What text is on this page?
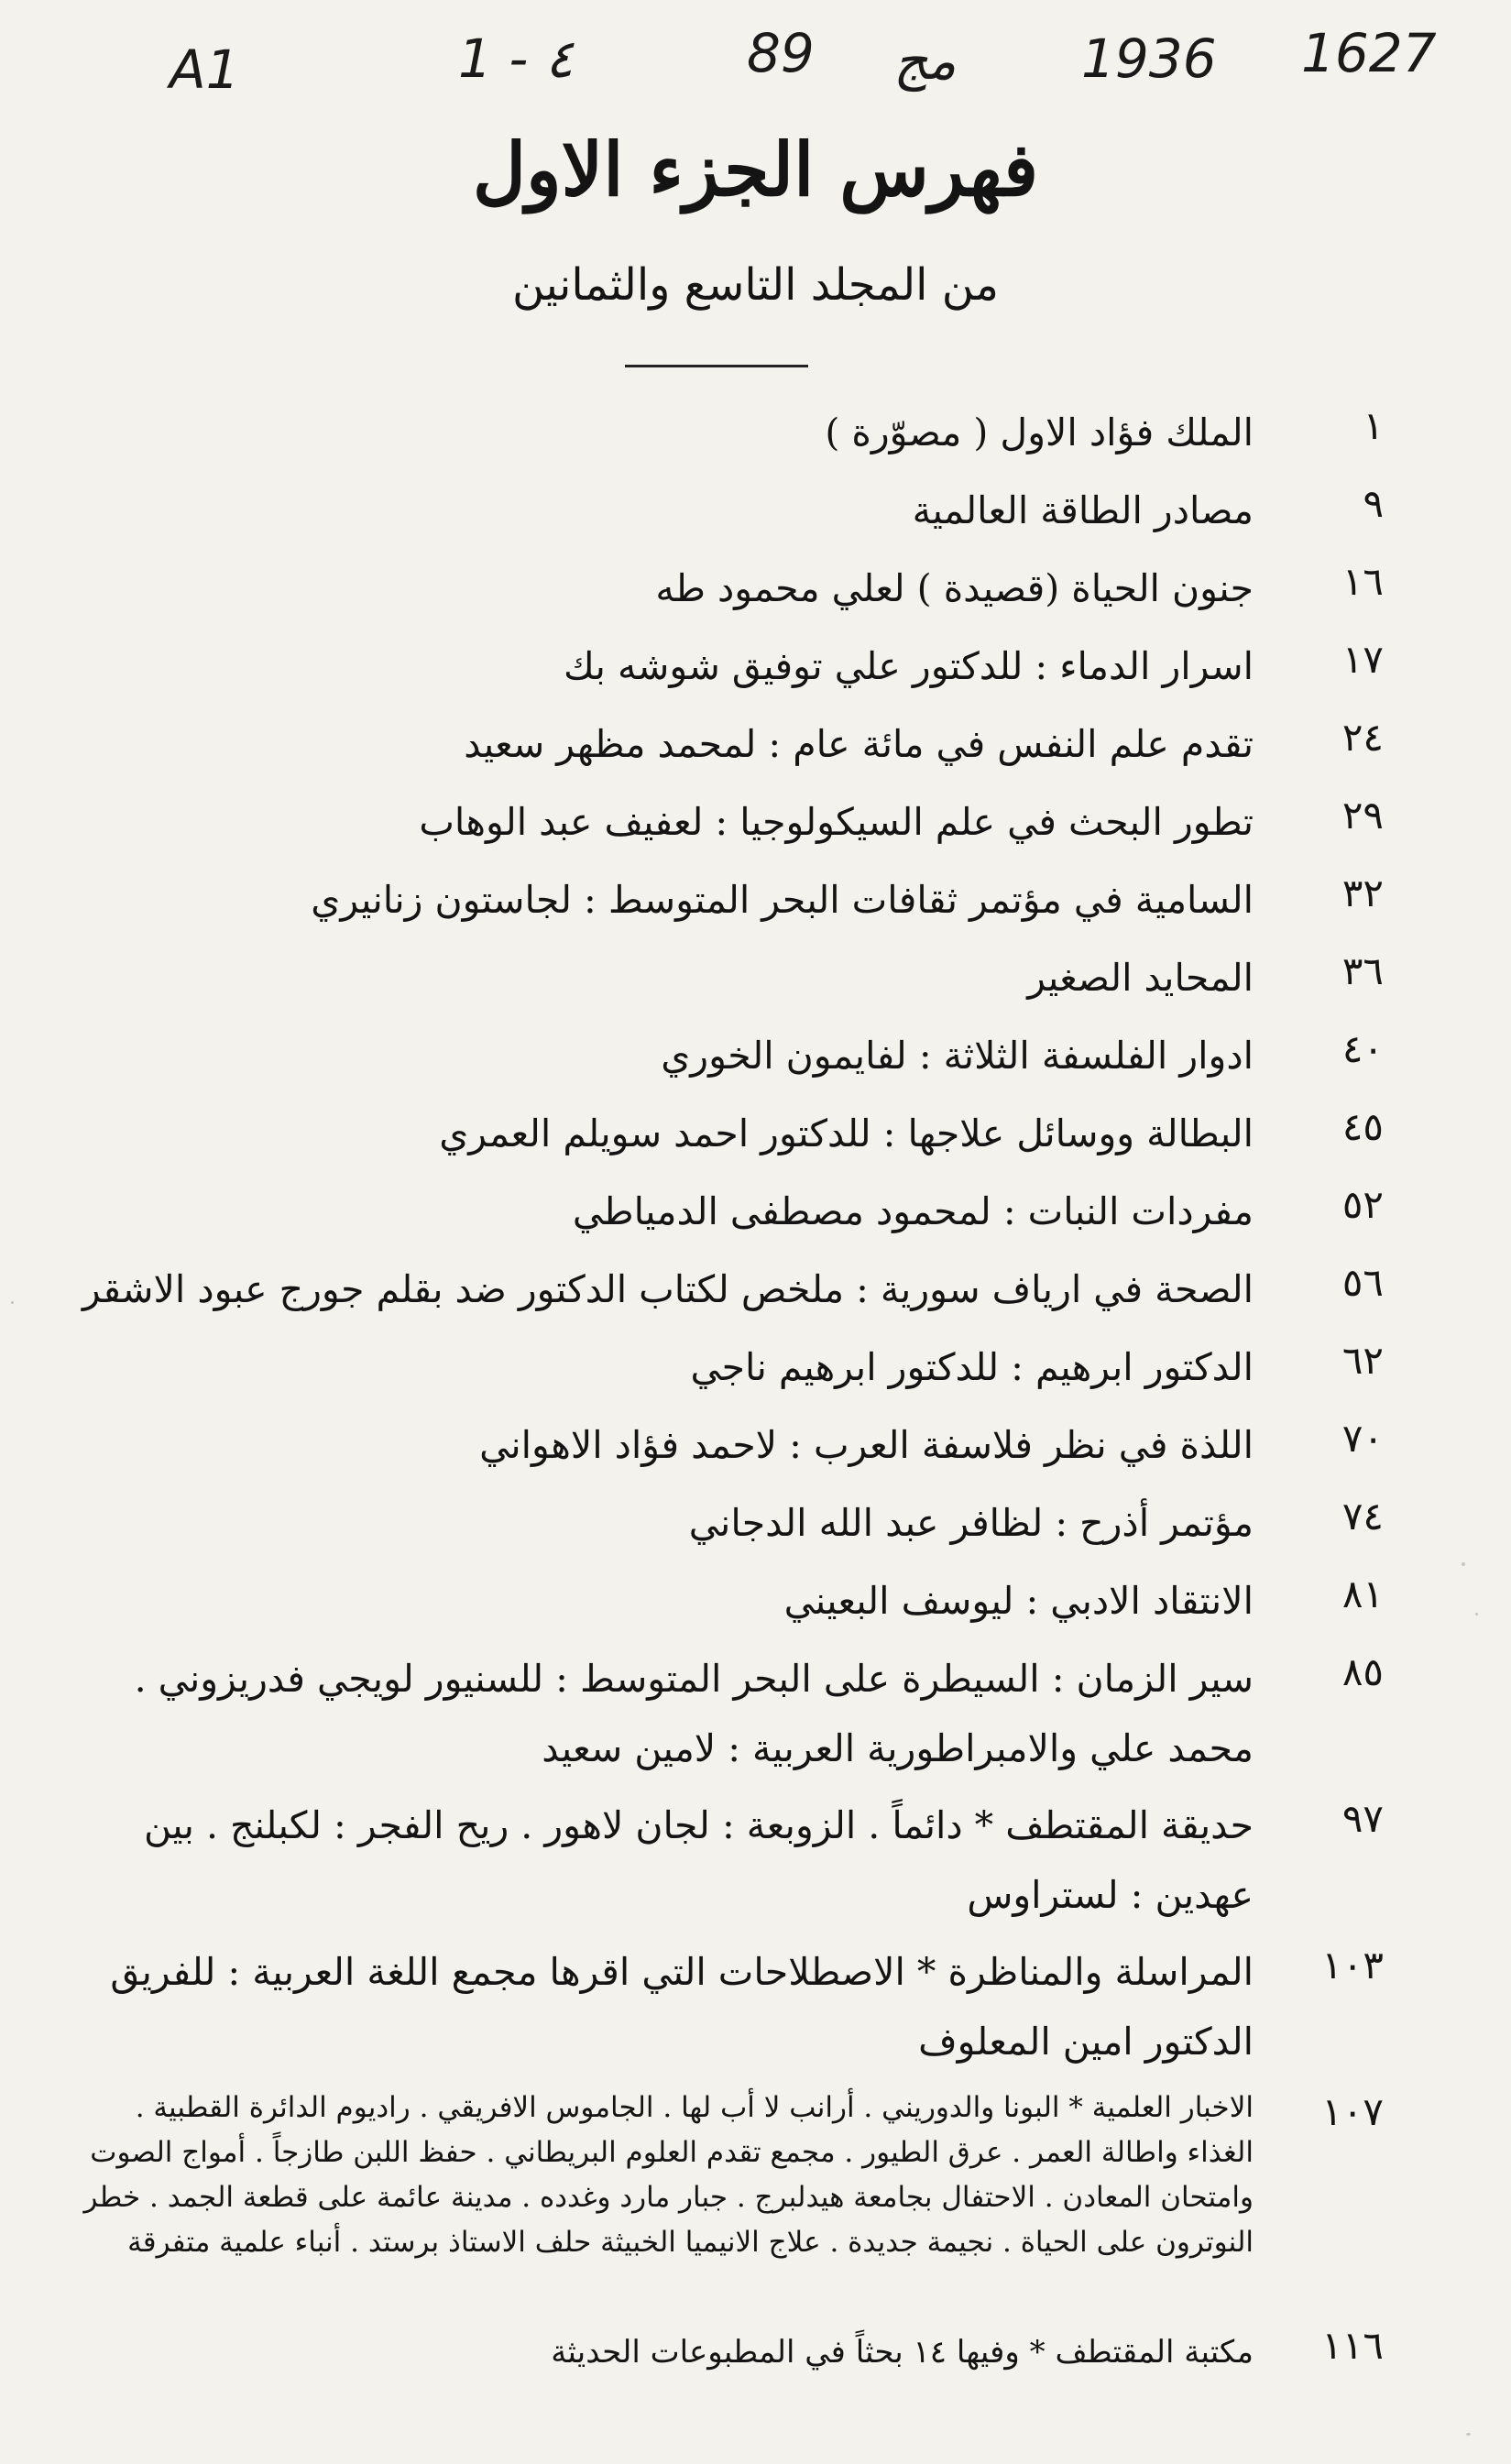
A1	1 - ٤	89 مج 1936 1627
فهرس الجزء الاول
من المجلد التاسع والثمانين
١
الملك فؤاد الاول ( مصوّرة )
٩
مصادر الطاقة العالمية
١٦
جنون الحياة (قصيدة ) لعلي محمود طه
١٧
اسرار الدماء : للدكتور علي توفيق شوشه بك
٢٤
تقدم علم النفس في مائة عام : لمحمد مظهر سعيد
٢٩
تطور البحث في علم السيكولوجيا : لعفيف عبد الوهاب
٣٢
السامية في مؤتمر ثقافات البحر المتوسط : لجاستون زنانيري
٣٦
المحايد الصغير
٤٠
ادوار الفلسفة الثلاثة : لفايمون الخوري
٤٥
البطالة ووسائل علاجها : للدكتور احمد سويلم العمري
٥٢
مفردات النبات : لمحمود مصطفى الدمياطي
٥٦
الصحة في ارياف سورية : ملخص لكتاب الدكتور ضد بقلم جورج عبود الاشقر
٦٢
الدكتور ابرهيم : للدكتور ابرهيم ناجي
٧٠
اللذة في نظر فلاسفة العرب : لاحمد فؤاد الاهواني
٧٤
مؤتمر أذرح : لظافر عبد الله الدجاني
٨١
الانتقاد الادبي : ليوسف البعيني
٨٥
سير الزمان : السيطرة على البحر المتوسط : للسنيور لويجي فدريزوني . محمد علي والامبراطورية العربية : لامين سعيد
٩٧
حديقة المقتطف * دائماً . الزوبعة : لجان لاهور . ريح الفجر : لكبلنج . بين عهدين : لستراوس
١٠٣
المراسلة والمناظرة * الاصطلاحات التي اقرها مجمع اللغة العربية : للفريق الدكتور امين المعلوف
١٠٧
الاخبار العلمية * البونا والدوريني . أرانب لا أب لها . الجاموس الافريقي . راديوم الدائرة القطبية . الغذاء واطالة العمر . عرق الطيور . مجمع تقدم العلوم البريطاني . حفظ اللبن طازجاً . أمواج الصوت وامتحان المعادن . الاحتفال بجامعة هيدلبرج . جبار مارد وغدده . مدينة عائمة على قطعة الجمد . خطر النوترون على الحياة . نجيمة جديدة . علاج الانيميا الخبيثة حلف الاستاذ برستد . أنباء علمية متفرقة
١١٦
مكتبة المقتطف * وفيها ١٤ بحثاً في المطبوعات الحديثة
